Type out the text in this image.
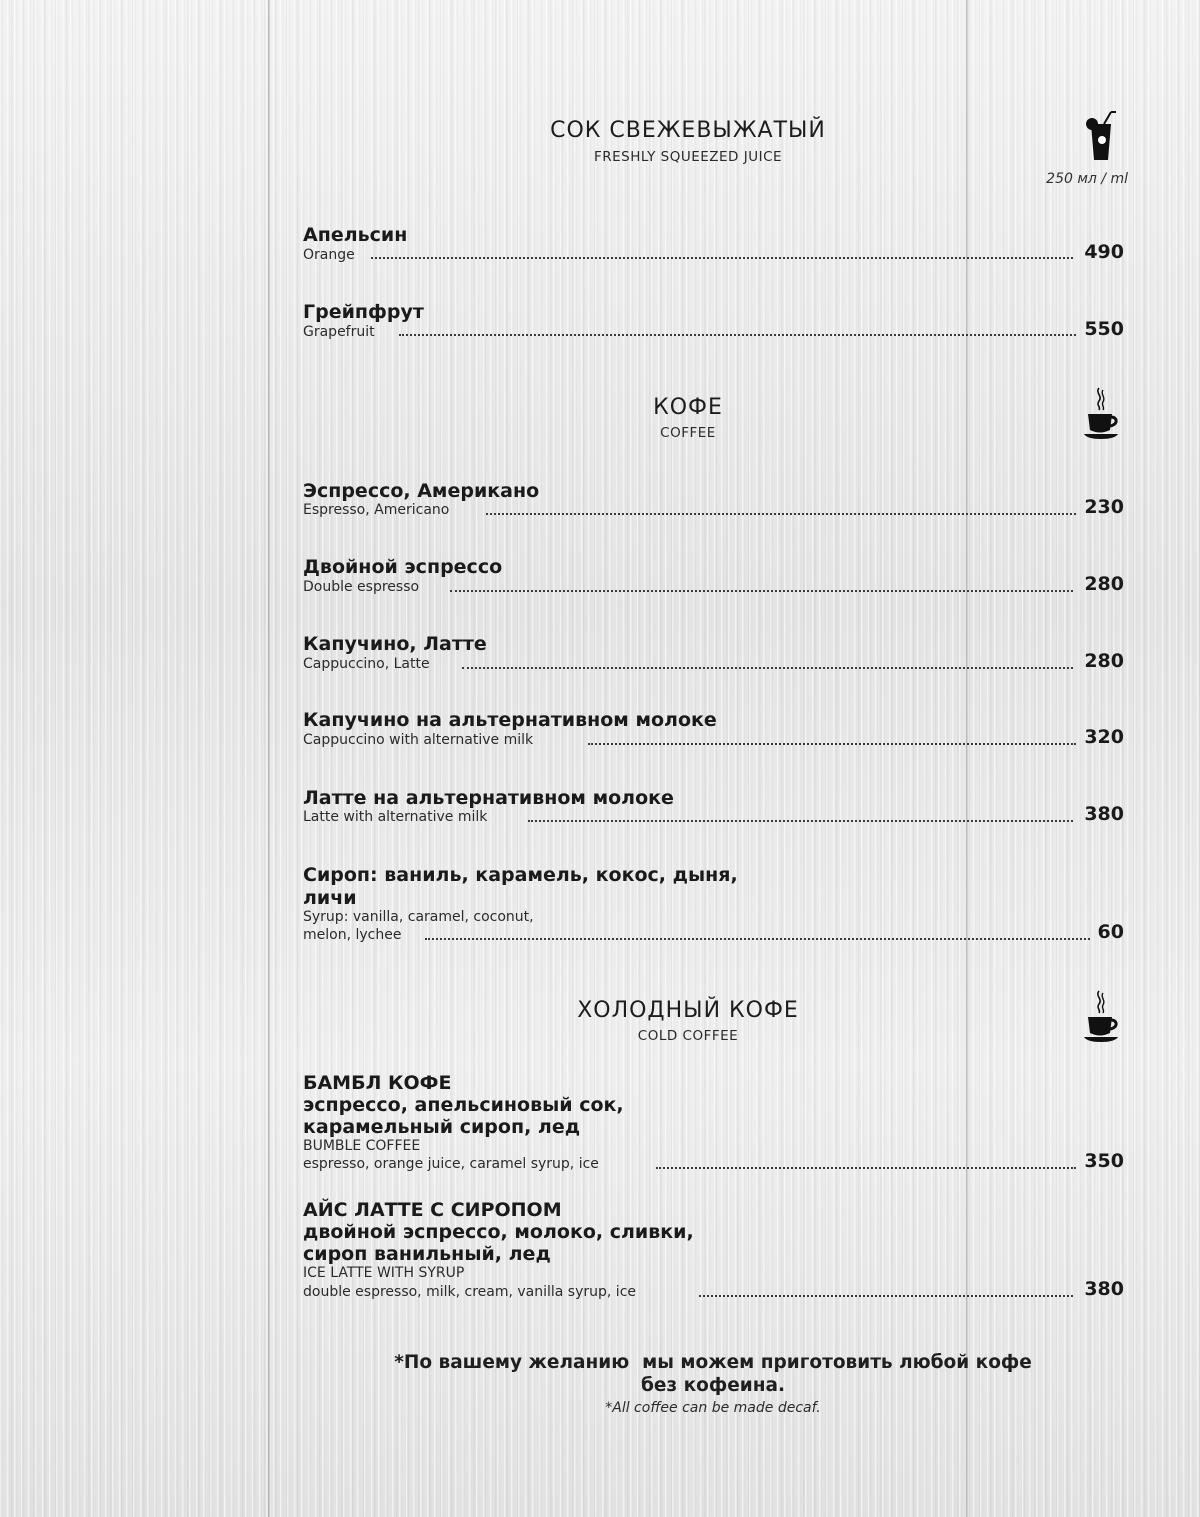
СОК СВЕЖЕВЫЖАТЫЙ
FRESHLY SQUEEZED JUICE
250 мл / ml
Апельсин
Orange	490
Грейпфрут
Grapefruit	550
КОФЕ
COFFEE
Эспрессо, Американо
Espresso, Americano	230
Двойной эспрессо
Double espresso	280
Капучино, Латте
Cappuccino, Latte	280
Капучино на альтернативном молоке
Cappuccino with alternative milk	320
Латте на альтернативном молоке
Latte with alternative milk	380
Сироп: ваниль, карамель, кокос, дыня,
личи
Syrup: vanilla, caramel, coconut,
melon, lychee	60
ХОЛОДНЫЙ КОФЕ
COLD COFFEE
БАМБЛ КОФЕ
эспрессо, апельсиновый сок,
карамельный сироп, лед
BUMBLE COFFEE
espresso, orange juice, caramel syrup, ice	350
АЙС ЛАТТЕ С СИРОПОМ
двойной эспрессо, молоко, сливки,
сироп ванильный, лед
ICE LATTE WITH SYRUP
double espresso, milk, cream, vanilla syrup, ice	380
*По вашему желанию  мы можем приготовить любой кофе
без кофеина.
*All coffee can be made decaf.
